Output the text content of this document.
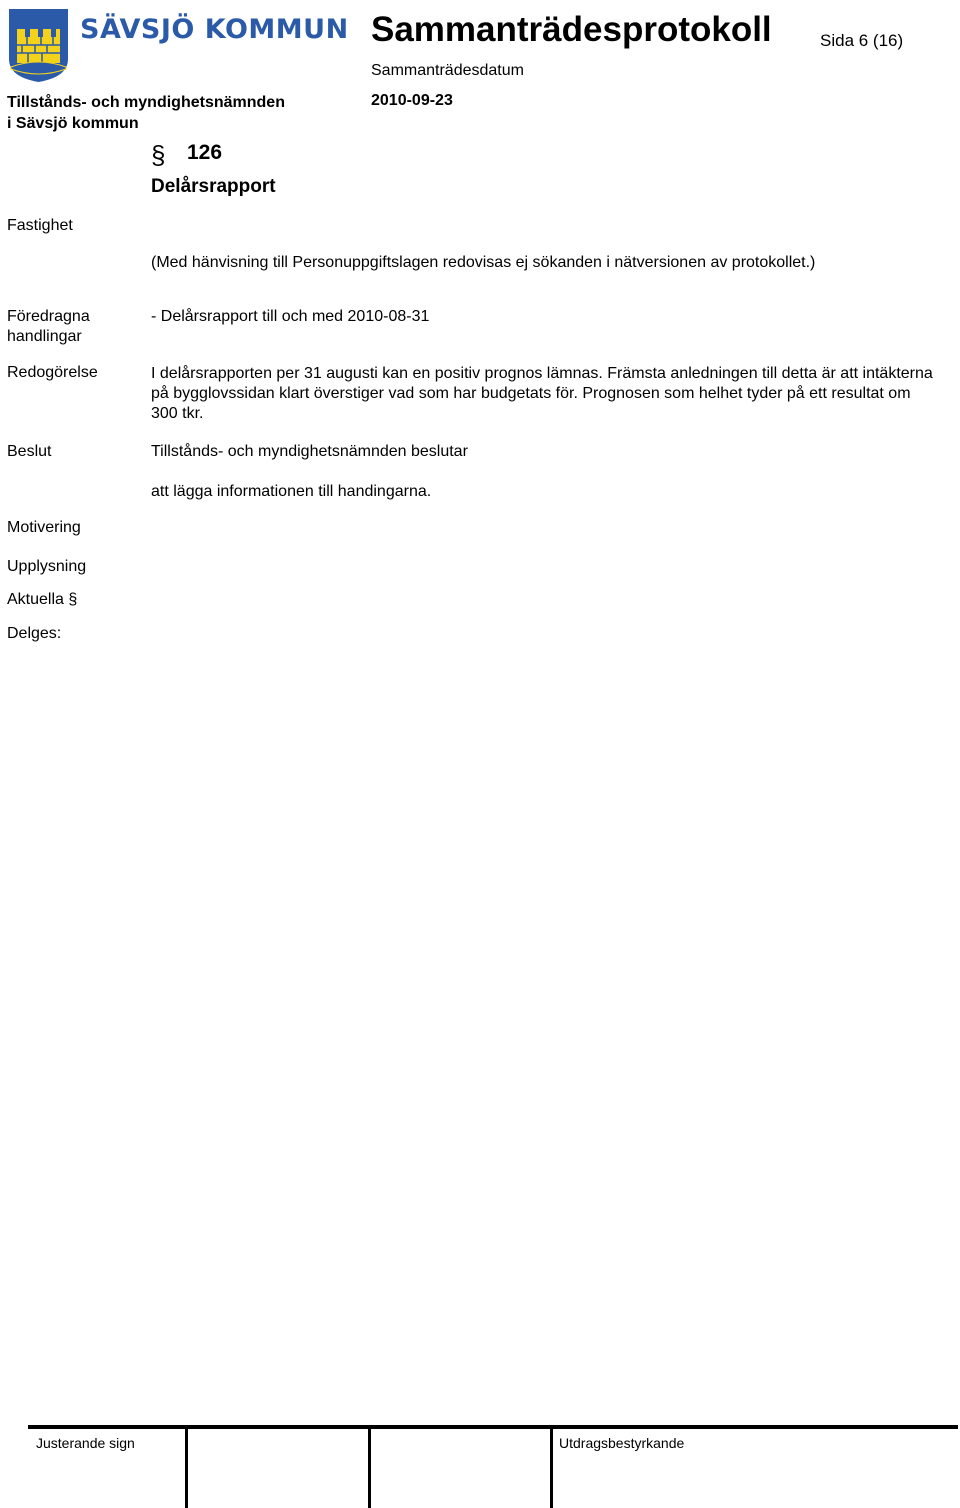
SÄVSJÖ KOMMUN Sammanträdesprotokoll	Sida 6 (16)
Sammanträdesdatum
Tillstånds- och myndighetsnämnden
i Sävsjö kommun
2010-09-23
§ 126
Delårsrapport
Fastighet
Föredragna
handlingar
Redogörelse
Beslut
Motivering
Upplysning
Aktuella §
Delges:
(Med hänvisning till Personuppgiftslagen redovisas ej sökanden i nätversionen av protokollet.)
- Delårsrapport till och med 2010-08-31
I delårsrapporten per 31 augusti kan en positiv prognos lämnas. Främsta anledningen till detta är att intäkterna på bygglovssidan klart överstiger vad som har budgetats för. Prognosen som helhet tyder på ett resultat om 300 tkr.
Tillstånds- och myndighetsnämnden beslutar
att lägga informationen till handingarna.
Justerande sign	Utdragsbestyrkande
